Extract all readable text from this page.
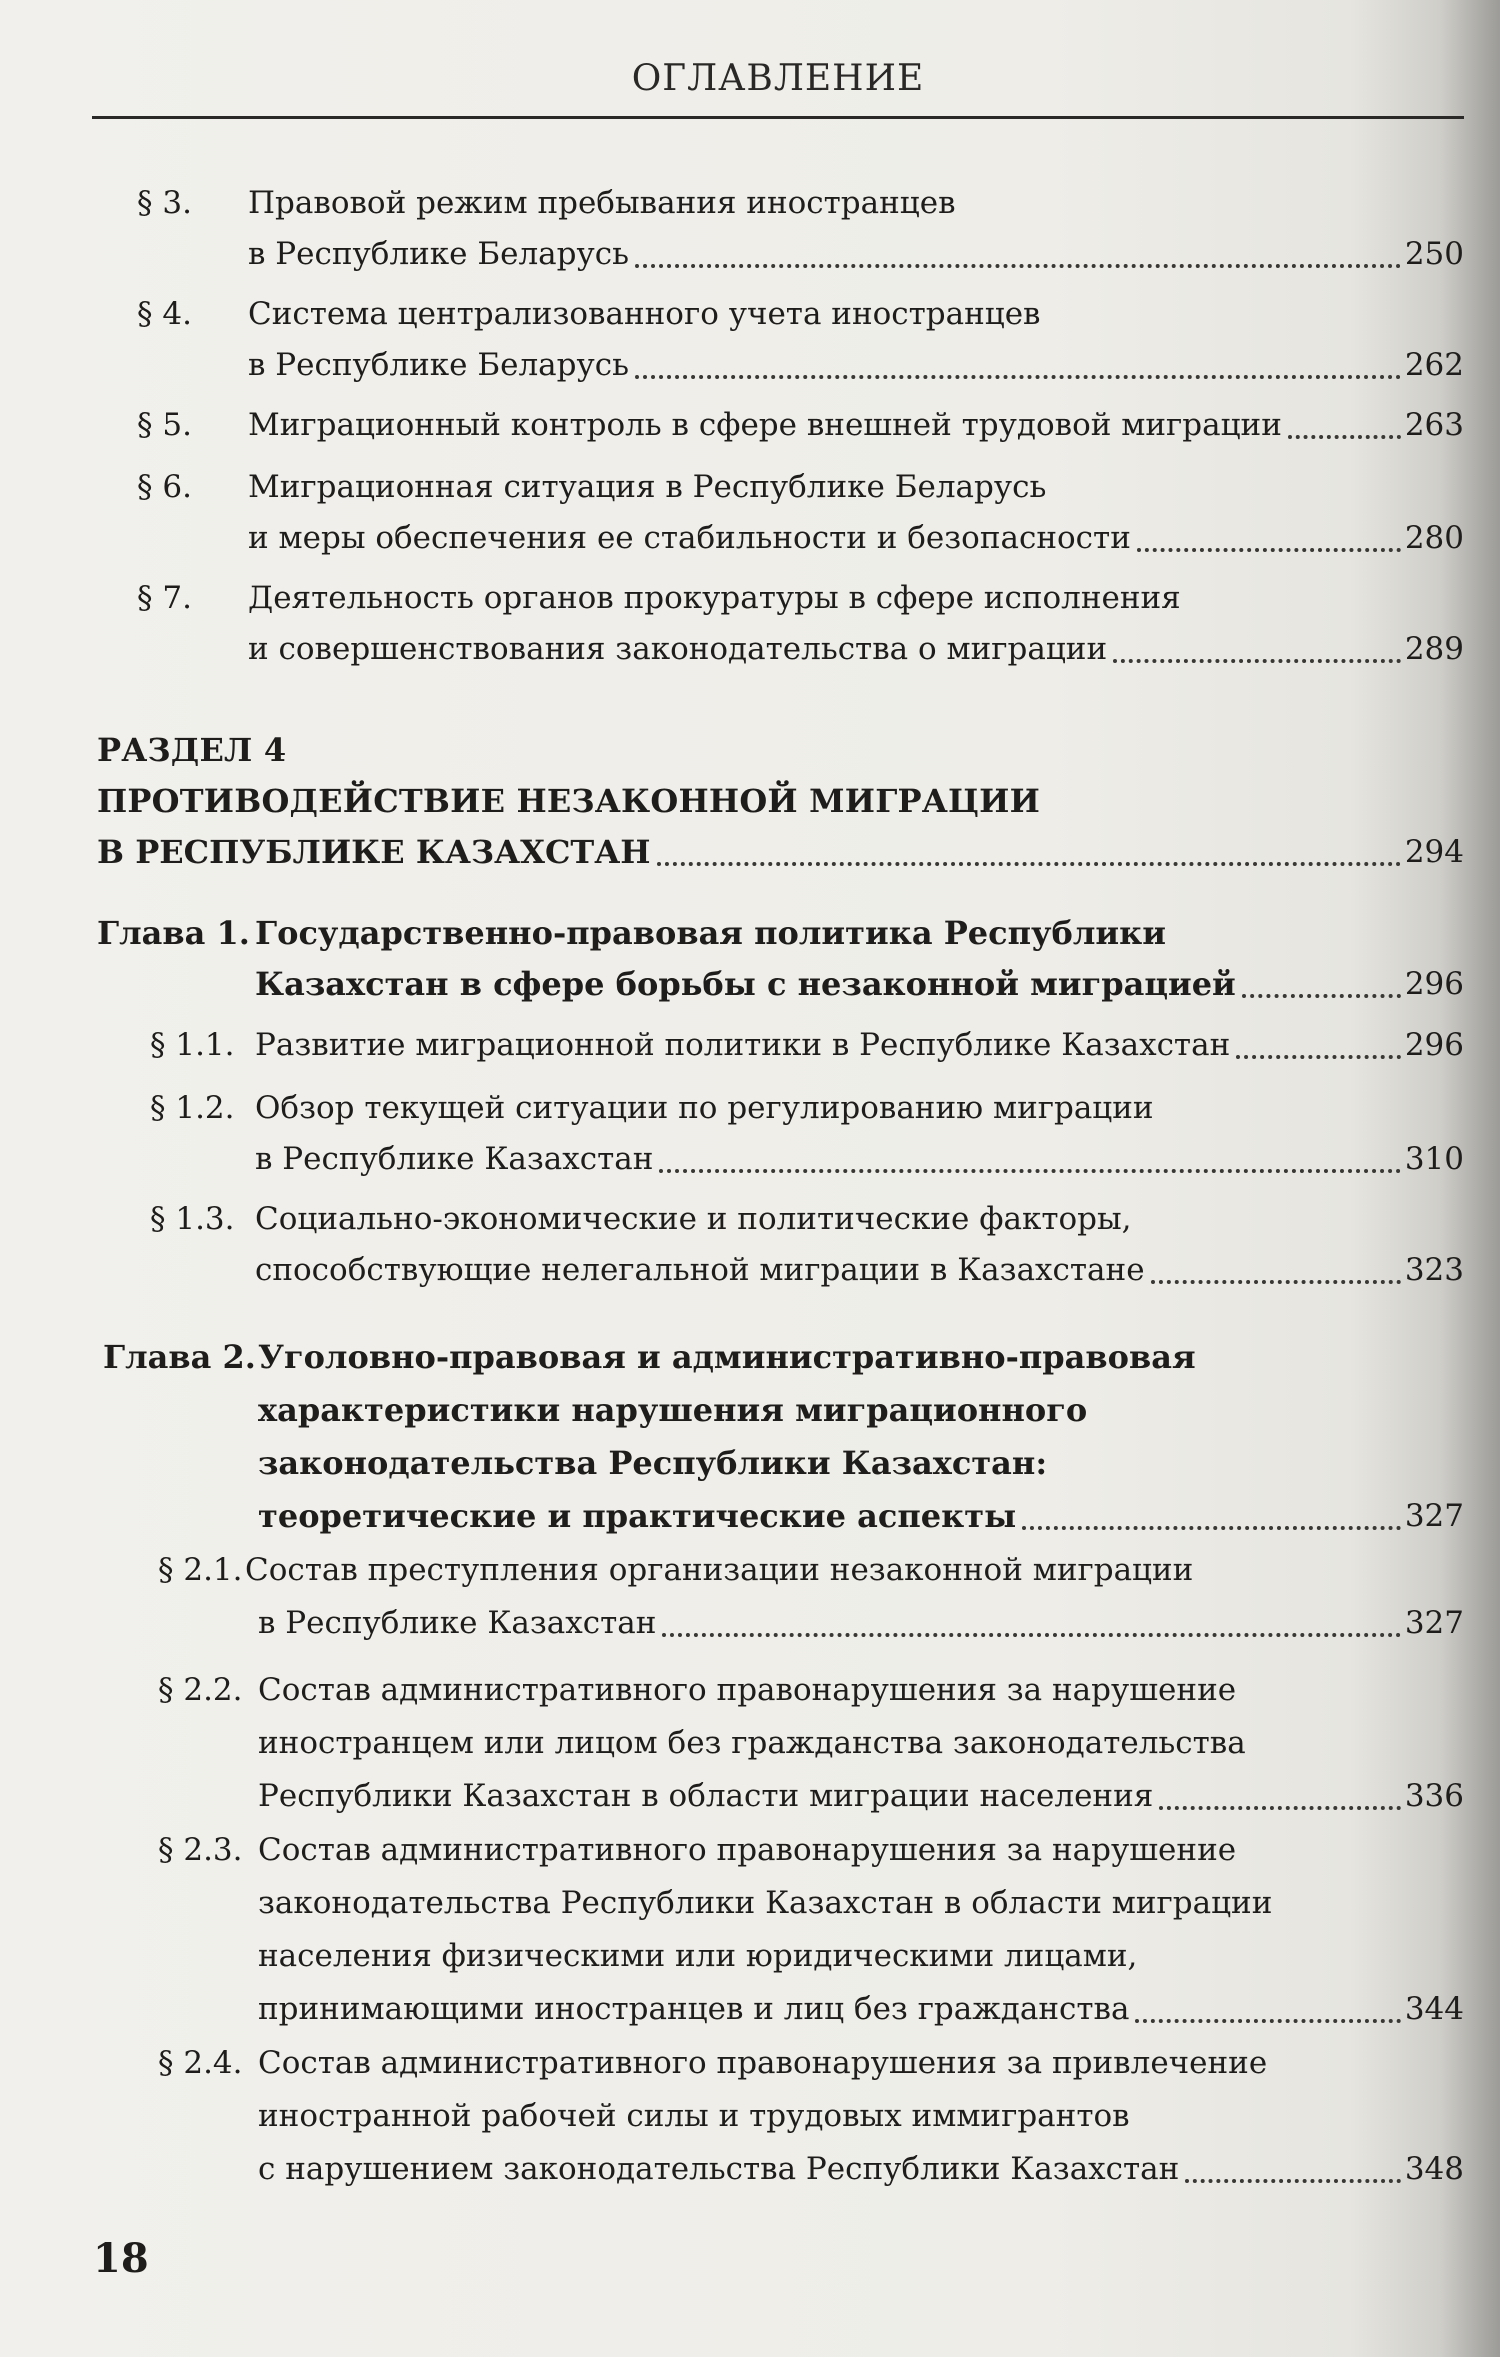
ОГЛАВЛЕНИЕ
§ 3. Правовой режим пребывания иностранцев
в Республике Беларусь	250
§ 4. Система централизованного учета иностранцев
в Республике Беларусь	262
§ 5. Миграционный контроль в сфере внешней трудовой миграции	263
§ 6. Миграционная ситуация в Республике Беларусь
и меры обеспечения ее стабильности и безопасности	280
§ 7. Деятельность органов прокуратуры в сфере исполнения
и совершенствования законодательства о миграции	289
РАЗДЕЛ 4
ПРОТИВОДЕЙСТВИЕ НЕЗАКОННОЙ МИГРАЦИИ
В РЕСПУБЛИКЕ КАЗАХСТАН	294
Глава 1. Государственно-правовая политика Республики
Казахстан в сфере борьбы с незаконной миграцией	296
§ 1.1. Развитие миграционной политики в Республике Казахстан	296
§ 1.2. Обзор текущей ситуации по регулированию миграции
в Республике Казахстан	310
§ 1.3. Социально-экономические и политические факторы,
способствующие нелегальной миграции в Казахстане	323
Глава 2. Уголовно-правовая и административно-правовая
характеристики нарушения миграционного
законодательства Республики Казахстан:
теоретические и практические аспекты	327
§ 2.1. Состав преступления организации незаконной миграции
в Республике Казахстан	327
§ 2.2. Состав административного правонарушения за нарушение
иностранцем или лицом без гражданства законодательства
Республики Казахстан в области миграции населения	336
§ 2.3. Состав административного правонарушения за нарушение
законодательства Республики Казахстан в области миграции
населения физическими или юридическими лицами,
принимающими иностранцев и лиц без гражданства	344
§ 2.4. Состав административного правонарушения за привлечение
иностранной рабочей силы и трудовых иммигрантов
с нарушением законодательства Республики Казахстан	348
18
